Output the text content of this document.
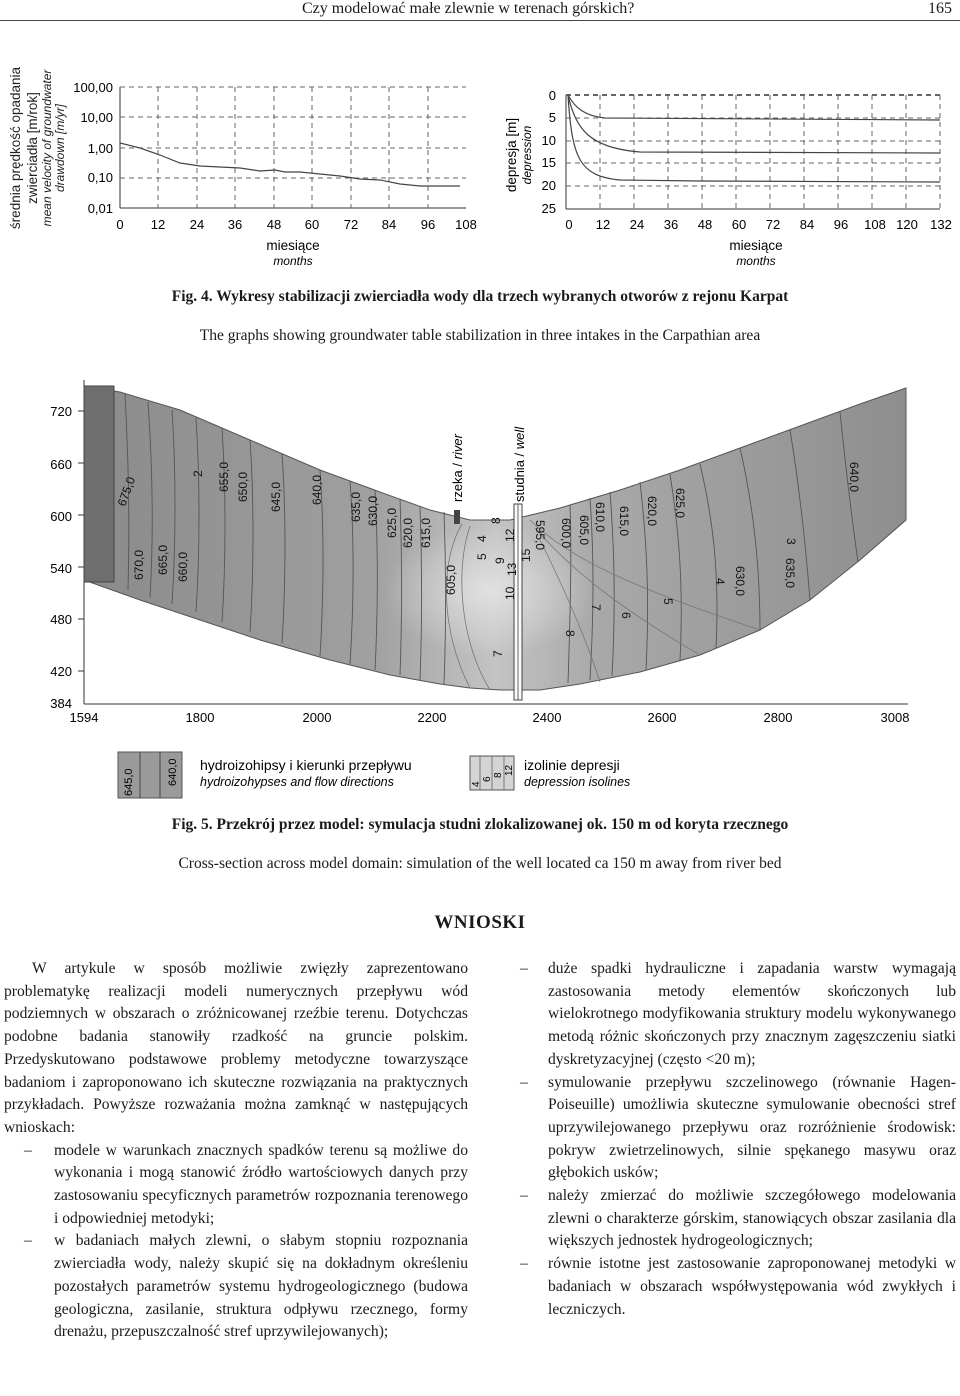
Czy modelować małe zlewnie w terenach górskich?	165
średnia prędkość opadania zwierciadła [m/rok] mean velocity of groundwater drawdown [m/yr]
100,00
10,00
1,00
0,10
0,01
0 12 24 36 48 60 72 84 96 108
miesiące
months
depresja [m] depression
0
5
10
15
20
25
0 12 24 36 48 60 72 84 96 108 120 132
miesiące
months
Fig. 4. Wykresy stabilizacji zwierciadła wody dla trzech wybranych otworów z rejonu Karpat
The graphs showing groundwater table stabilization in three intakes in the Carpathian area
720
660
600
540
480
420
384
rzeka / river
studnia / well
675,0
670,0 665,0 660,0
2 655,0 650,0 645,0 640,0
635,0 630,0 625,0 620,0 615,0
605,0
595,0 600,0 605,0 610,0 615,0 620,0 625,0
640,0
630,0	635,0
3
4
5
6
7
8
4
5
7
8
9
10
12
13
15
1594	1800	2000	2200	2400	2600	2800	3008
645,0	640,0 hydroizohipsy i kierunki przepływu
hydroizohypses and flow directions	4
6
8 12 izolinie depresji
depression isolines
Fig. 5. Przekrój przez model: symulacja studni zlokalizowanej ok. 150 m od koryta rzecznego
Cross-section across model domain: simulation of the well located ca 150 m away from river bed
WNIOSKI

W artykule w sposób możliwie zwięzły zaprezentowano problematykę realizacji modeli numerycznych przepływu wód podziemnych w obszarach o zróżnicowanej rzeźbie terenu. Dotychczas podobne badania stanowiły rzadkość na gruncie polskim. Przedyskutowano podstawowe problemy metodyczne towarzyszące badaniom i zaproponowano ich skuteczne rozwiązania na praktycznych przykładach. Powyższe rozważania można zamknąć w następujących wnioskach:

– modele w warunkach znacznych spadków terenu są możliwe do wykonania i mogą stanowić źródło wartościowych danych przy zastosowaniu specyficznych parametrów rozpoznania terenowego i odpowiedniej metodyki;
– w badaniach małych zlewni, o słabym stopniu rozpoznania zwierciadła wody, należy skupić się na dokładnym określeniu pozostałych parametrów systemu hydrogeologicznego (budowa geologiczna, zasilanie, struktura odpływu rzecznego, formy drenażu, przepuszczalność stref uprzywilejowanych);
– duże spadki hydrauliczne i zapadania warstw wymagają zastosowania metody elementów skończonych lub wielokrotnego modyfikowania struktury modelu wykonywanego metodą różnic skończonych przy znacznym zagęszczeniu siatki dyskretyzacyjnej (często <20 m);
– symulowanie przepływu szczelinowego (równanie Hagen-Poiseuille) umożliwia skuteczne symulowanie obecności stref uprzywilejowanego przepływu oraz rozróżnienie środowisk: pokryw zwietrzelinowych, silnie spękanego masywu oraz głębokich usków;
– należy zmierzać do możliwie szczegółowego modelowania zlewni o charakterze górskim, stanowiących obszar zasilania dla większych jednostek hydrogeologicznych;
– równie istotne jest zastosowanie zaproponowanej metodyki w badaniach w obszarach współwystępowania wód zwykłych i leczniczych.
